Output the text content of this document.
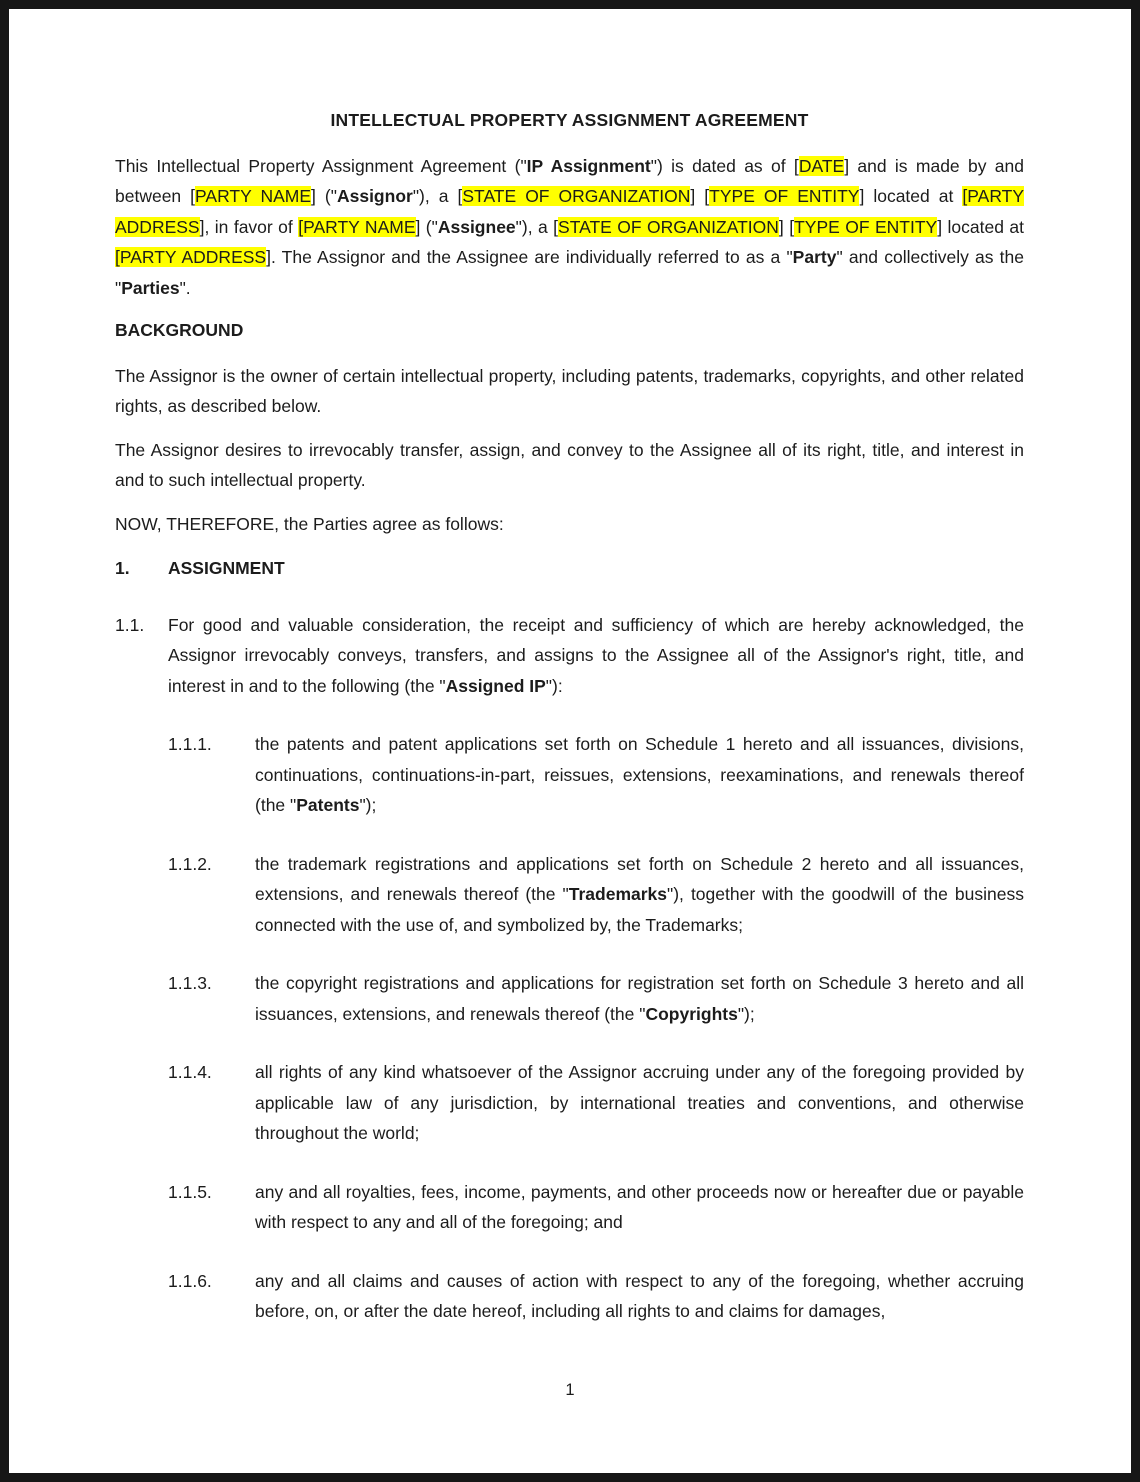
INTELLECTUAL PROPERTY ASSIGNMENT AGREEMENT

This Intellectual Property Assignment Agreement ("IP Assignment") is dated as of [DATE] and is made by and between [PARTY NAME] ("Assignor"), a [STATE OF ORGANIZATION] [TYPE OF ENTITY] located at [PARTY ADDRESS], in favor of [PARTY NAME] ("Assignee"), a [STATE OF ORGANIZATION] [TYPE OF ENTITY] located at [PARTY ADDRESS]. The Assignor and the Assignee are individually referred to as a "Party" and collectively as the "Parties".

BACKGROUND

The Assignor is the owner of certain intellectual property, including patents, trademarks, copyrights, and other related rights, as described below.

The Assignor desires to irrevocably transfer, assign, and convey to the Assignee all of its right, title, and interest in and to such intellectual property.

NOW, THEREFORE, the Parties agree as follows:

1.	ASSIGNMENT
1.1.	For good and valuable consideration, the receipt and sufficiency of which are hereby acknowledged, the Assignor irrevocably conveys, transfers, and assigns to the Assignee all of the Assignor's right, title, and interest in and to the following (the "Assigned IP"):
1.1.1.	the patents and patent applications set forth on Schedule 1 hereto and all issuances, divisions, continuations, continuations-in-part, reissues, extensions, reexaminations, and renewals thereof (the "Patents");
1.1.2.	the trademark registrations and applications set forth on Schedule 2 hereto and all issuances, extensions, and renewals thereof (the "Trademarks"), together with the goodwill of the business connected with the use of, and symbolized by, the Trademarks;
1.1.3.	the copyright registrations and applications for registration set forth on Schedule 3 hereto and all issuances, extensions, and renewals thereof (the "Copyrights");
1.1.4.	all rights of any kind whatsoever of the Assignor accruing under any of the foregoing provided by applicable law of any jurisdiction, by international treaties and conventions, and otherwise throughout the world;
1.1.5.	any and all royalties, fees, income, payments, and other proceeds now or hereafter due or payable with respect to any and all of the foregoing; and
1.1.6.	any and all claims and causes of action with respect to any of the foregoing, whether accruing before, on, or after the date hereof, including all rights to and claims for damages,
1
